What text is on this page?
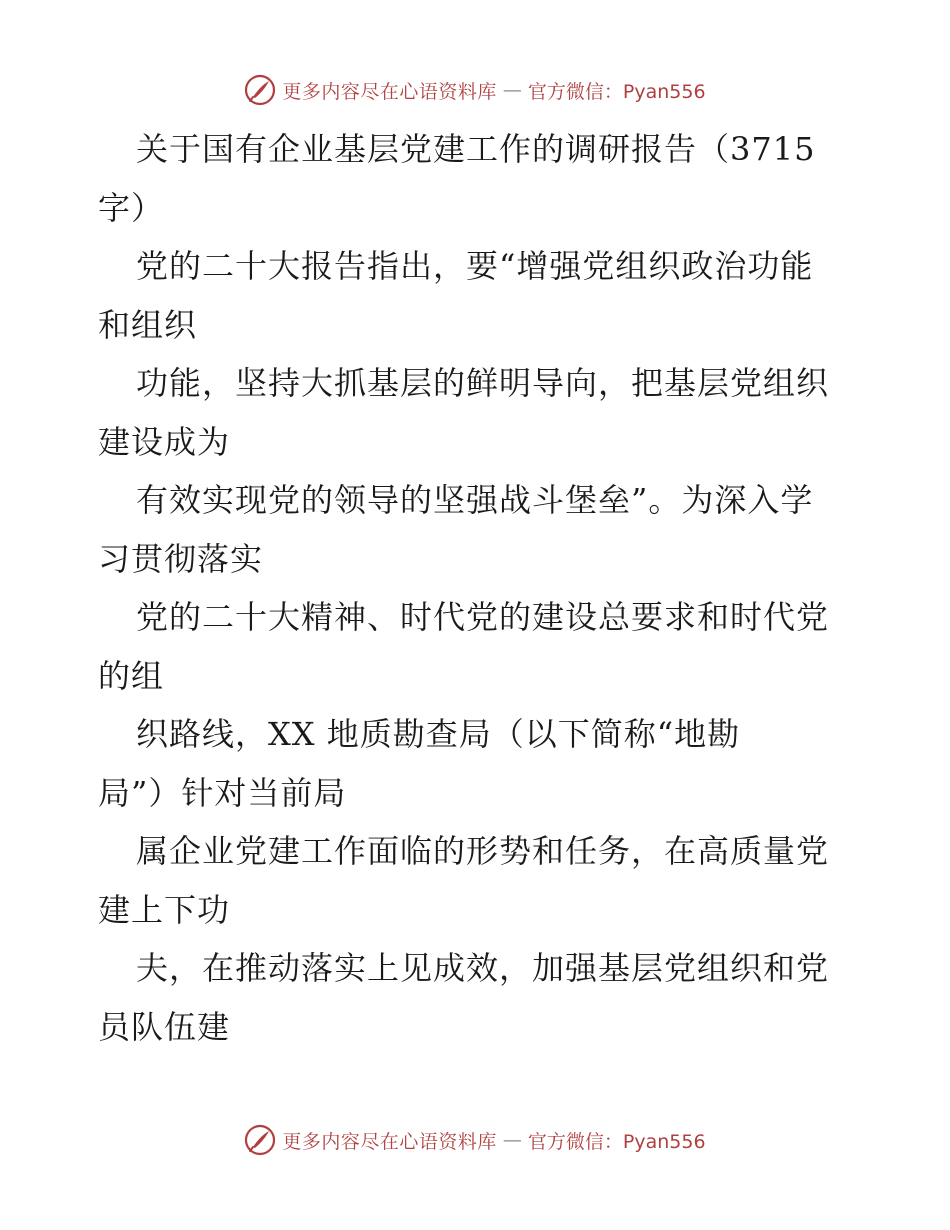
更多内容尽在心语资料库 — 官方微信：Pyan556
关于国有企业基层党建工作的调研报告（3715
字）
党的二十大报告指出，要“增强党组织政治功能
和组织
功能，坚持大抓基层的鲜明导向，把基层党组织
建设成为
有效实现党的领导的坚强战斗堡垒”。为深入学
习贯彻落实
党的二十大精神、时代党的建设总要求和时代党
的组
织路线，XX 地质勘查局（以下简称“地勘
局”）针对当前局
属企业党建工作面临的形势和任务，在高质量党
建上下功
夫，在推动落实上见成效，加强基层党组织和党
员队伍建
更多内容尽在心语资料库 — 官方微信：Pyan556
